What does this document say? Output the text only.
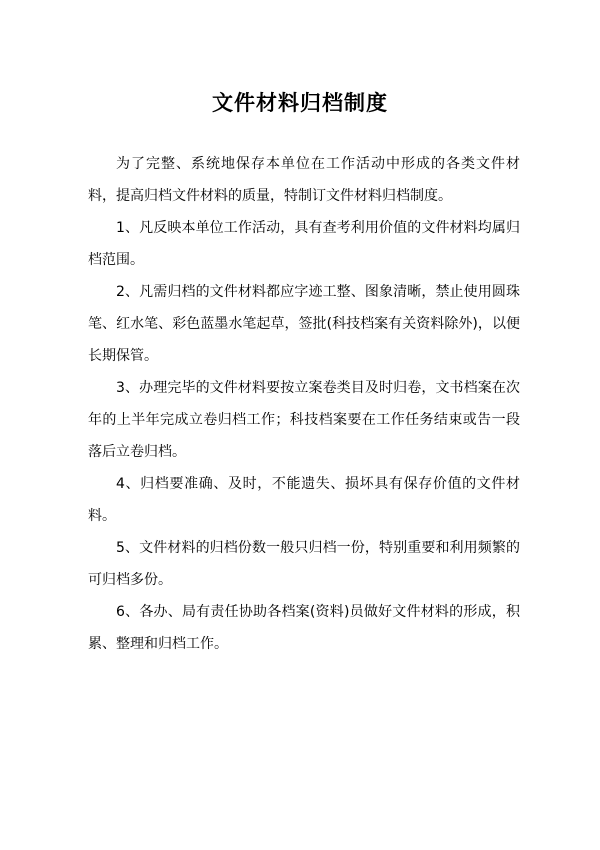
文件材料归档制度

为了完整、系统地保存本单位在工作活动中形成的各类文件材料，提高归档文件材料的质量，特制订文件材料归档制度。

1、凡反映本单位工作活动，具有查考利用价值的文件材料均属归档范围。

2、凡需归档的文件材料都应字迹工整、图象清晰，禁止使用圆珠笔、红水笔、彩色蓝墨水笔起草，签批(科技档案有关资料除外)，以便长期保管。

3、办理完毕的文件材料要按立案卷类目及时归卷，文书档案在次年的上半年完成立卷归档工作；科技档案要在工作任务结束或告一段落后立卷归档。

4、归档要准确、及时，不能遗失、损坏具有保存价值的文件材料。

5、文件材料的归档份数一般只归档一份，特别重要和利用频繁的可归档多份。

6、各办、局有责任协助各档案(资料)员做好文件材料的形成，积累、整理和归档工作。
